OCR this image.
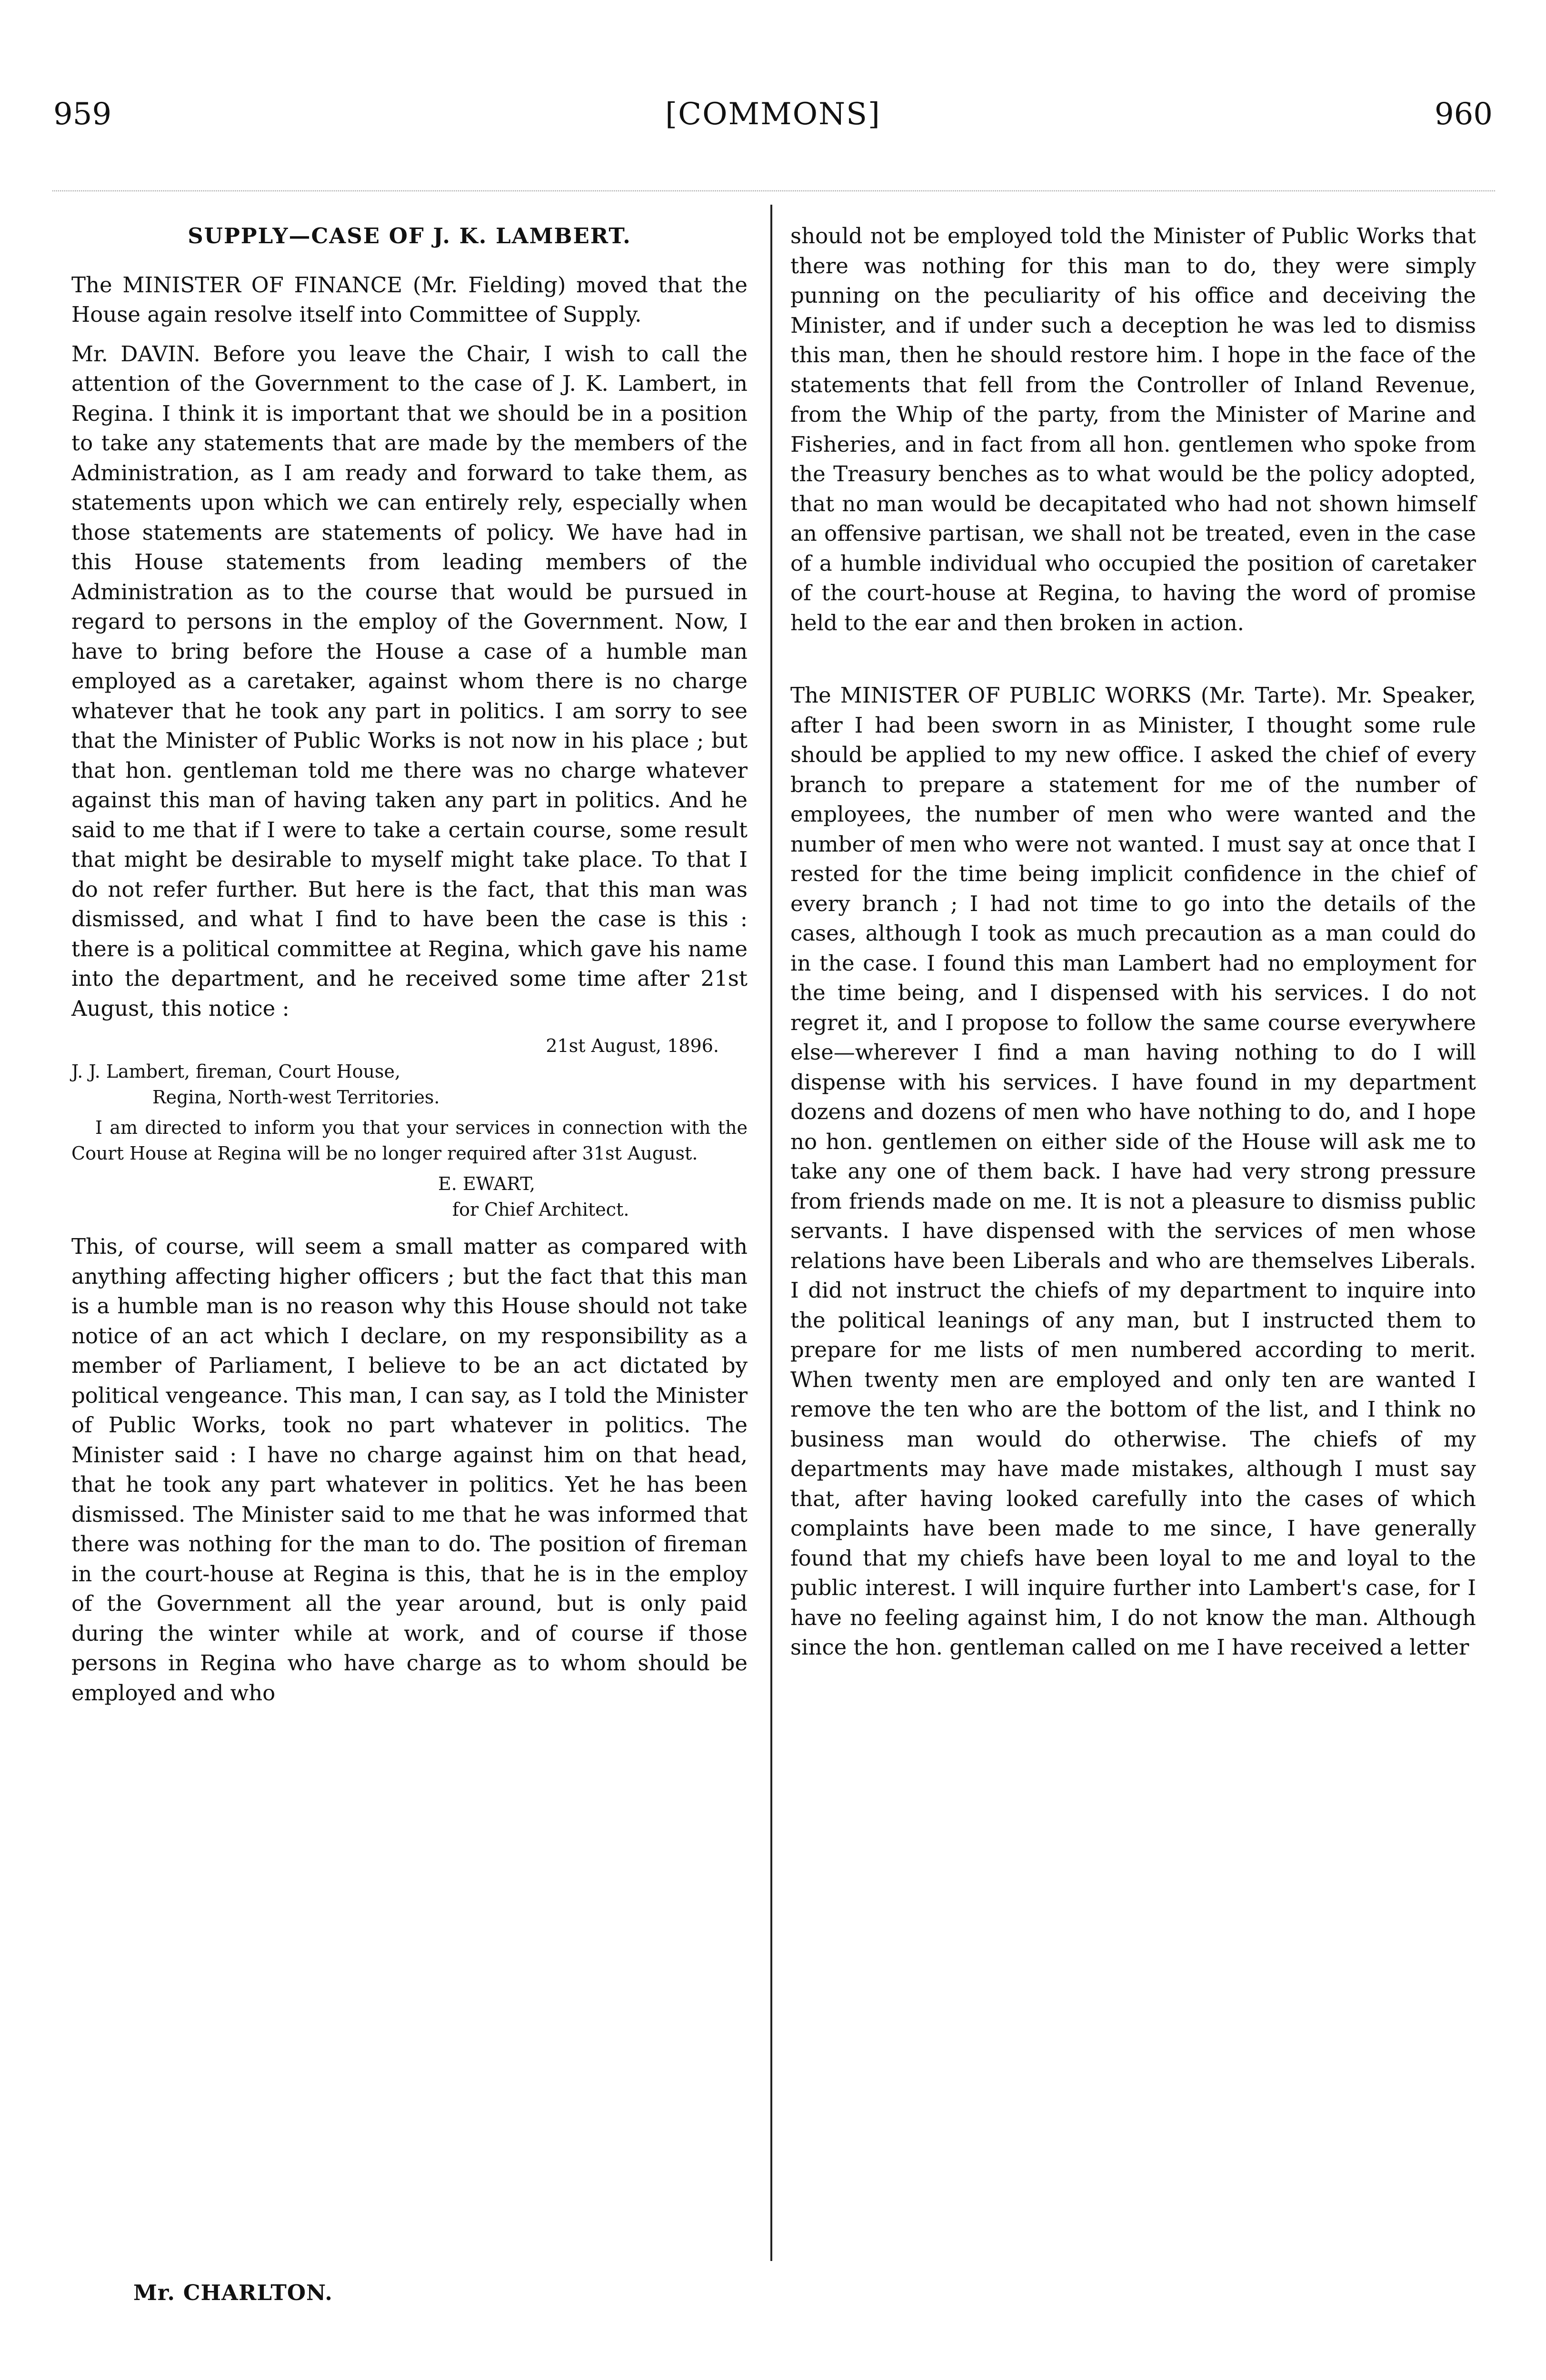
959	[COMMONS]	960
SUPPLY—CASE OF J. K. LAMBERT.

The MINISTER OF FINANCE (Mr. Fielding) moved that the House again resolve itself into Committee of Supply.

Mr. DAVIN. Before you leave the Chair, I wish to call the attention of the Government to the case of J. K. Lambert, in Regina. I think it is important that we should be in a position to take any statements that are made by the members of the Administration, as I am ready and forward to take them, as statements upon which we can entirely rely, especially when those statements are statements of policy. We have had in this House statements from leading members of the Administration as to the course that would be pursued in regard to persons in the employ of the Government. Now, I have to bring before the House a case of a humble man employed as a caretaker, against whom there is no charge whatever that he took any part in politics. I am sorry to see that the Minister of Public Works is not now in his place ; but that hon. gentleman told me there was no charge whatever against this man of having taken any part in politics. And he said to me that if I were to take a certain course, some result that might be desirable to myself might take place. To that I do not refer further. But here is the fact, that this man was dismissed, and what I find to have been the case is this : there is a political committee at Regina, which gave his name into the department, and he received some time after 21st August, this notice :

21st August, 1896.
J. J. Lambert, fireman, Court House,
Regina, North-west Territories.
I am directed to inform you that your services in connection with the Court House at Regina will be no longer required after 31st August.
E. EWART,
for Chief Architect.

This, of course, will seem a small matter as compared with anything affecting higher officers ; but the fact that this man is a humble man is no reason why this House should not take notice of an act which I declare, on my responsibility as a member of Parliament, I believe to be an act dictated by political vengeance. This man, I can say, as I told the Minister of Public Works, took no part whatever in politics. The Minister said : I have no charge against him on that head, that he took any part whatever in politics. Yet he has been dismissed. The Minister said to me that he was informed that there was nothing for the man to do. The position of fireman in the court-house at Regina is this, that he is in the employ of the Government all the year around, but is only paid during the winter while at work, and of course if those persons in Regina who have charge as to whom should be employed and who

should not be employed told the Minister of Public Works that there was nothing for this man to do, they were simply punning on the peculiarity of his office and deceiving the Minister, and if under such a deception he was led to dismiss this man, then he should restore him. I hope in the face of the statements that fell from the Controller of Inland Revenue, from the Whip of the party, from the Minister of Marine and Fisheries, and in fact from all hon. gentlemen who spoke from the Treasury benches as to what would be the policy adopted, that no man would be decapitated who had not shown himself an offensive partisan, we shall not be treated, even in the case of a humble individual who occupied the position of caretaker of the court-house at Regina, to having the word of promise held to the ear and then broken in action.

The MINISTER OF PUBLIC WORKS (Mr. Tarte). Mr. Speaker, after I had been sworn in as Minister, I thought some rule should be applied to my new office. I asked the chief of every branch to prepare a statement for me of the number of employees, the number of men who were wanted and the number of men who were not wanted. I must say at once that I rested for the time being implicit confidence in the chief of every branch ; I had not time to go into the details of the cases, although I took as much precaution as a man could do in the case. I found this man Lambert had no employment for the time being, and I dispensed with his services. I do not regret it, and I propose to follow the same course everywhere else—wherever I find a man having nothing to do I will dispense with his services. I have found in my department dozens and dozens of men who have nothing to do, and I hope no hon. gentlemen on either side of the House will ask me to take any one of them back. I have had very strong pressure from friends made on me. It is not a pleasure to dismiss public servants. I have dispensed with the services of men whose relations have been Liberals and who are themselves Liberals. I did not instruct the chiefs of my department to inquire into the political leanings of any man, but I instructed them to prepare for me lists of men numbered according to merit. When twenty men are employed and only ten are wanted I remove the ten who are the bottom of the list, and I think no business man would do otherwise. The chiefs of my departments may have made mistakes, although I must say that, after having looked carefully into the cases of which complaints have been made to me since, I have generally found that my chiefs have been loyal to me and loyal to the public interest. I will inquire further into Lambert's case, for I have no feeling against him, I do not know the man. Although since the hon. gentleman called on me I have received a letter

Mr. CHARLTON.
